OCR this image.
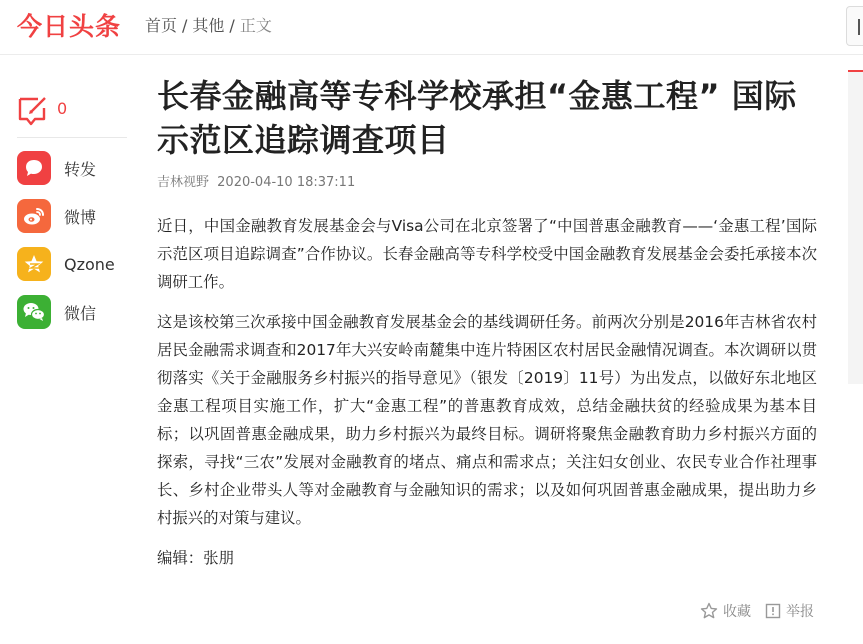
今日头条 首页 / 其他 / 正文
0
转发
微博
Qzone
微信
长春金融高等专科学校承担“金惠工程” 国际示范区追踪调查项目
吉林视野 2020-04-10 18:37:11

近日，中国金融教育发展基金会与Visa公司在北京签署了“中国普惠金融教育——‘金惠工程’国际示范区项目追踪调查”合作协议。长春金融高等专科学校受中国金融教育发展基金会委托承接本次调研工作。

这是该校第三次承接中国金融教育发展基金会的基线调研任务。前两次分别是2016年吉林省农村居民金融需求调查和2017年大兴安岭南麓集中连片特困区农村居民金融情况调查。本次调研以贯彻落实《关于金融服务乡村振兴的指导意见》（银发〔2019〕11号）为出发点，以做好东北地区金惠工程项目实施工作，扩大“金惠工程”的普惠教育成效，总结金融扶贫的经验成果为基本目标；以巩固普惠金融成果，助力乡村振兴为最终目标。调研将聚焦金融教育助力乡村振兴方面的探索，寻找“三农”发展对金融教育的堵点、痛点和需求点；关注妇女创业、农民专业合作社理事长、乡村企业带头人等对金融教育与金融知识的需求；以及如何巩固普惠金融成果，提出助力乡村振兴的对策与建议。

编辑：张朋

收藏	举报
